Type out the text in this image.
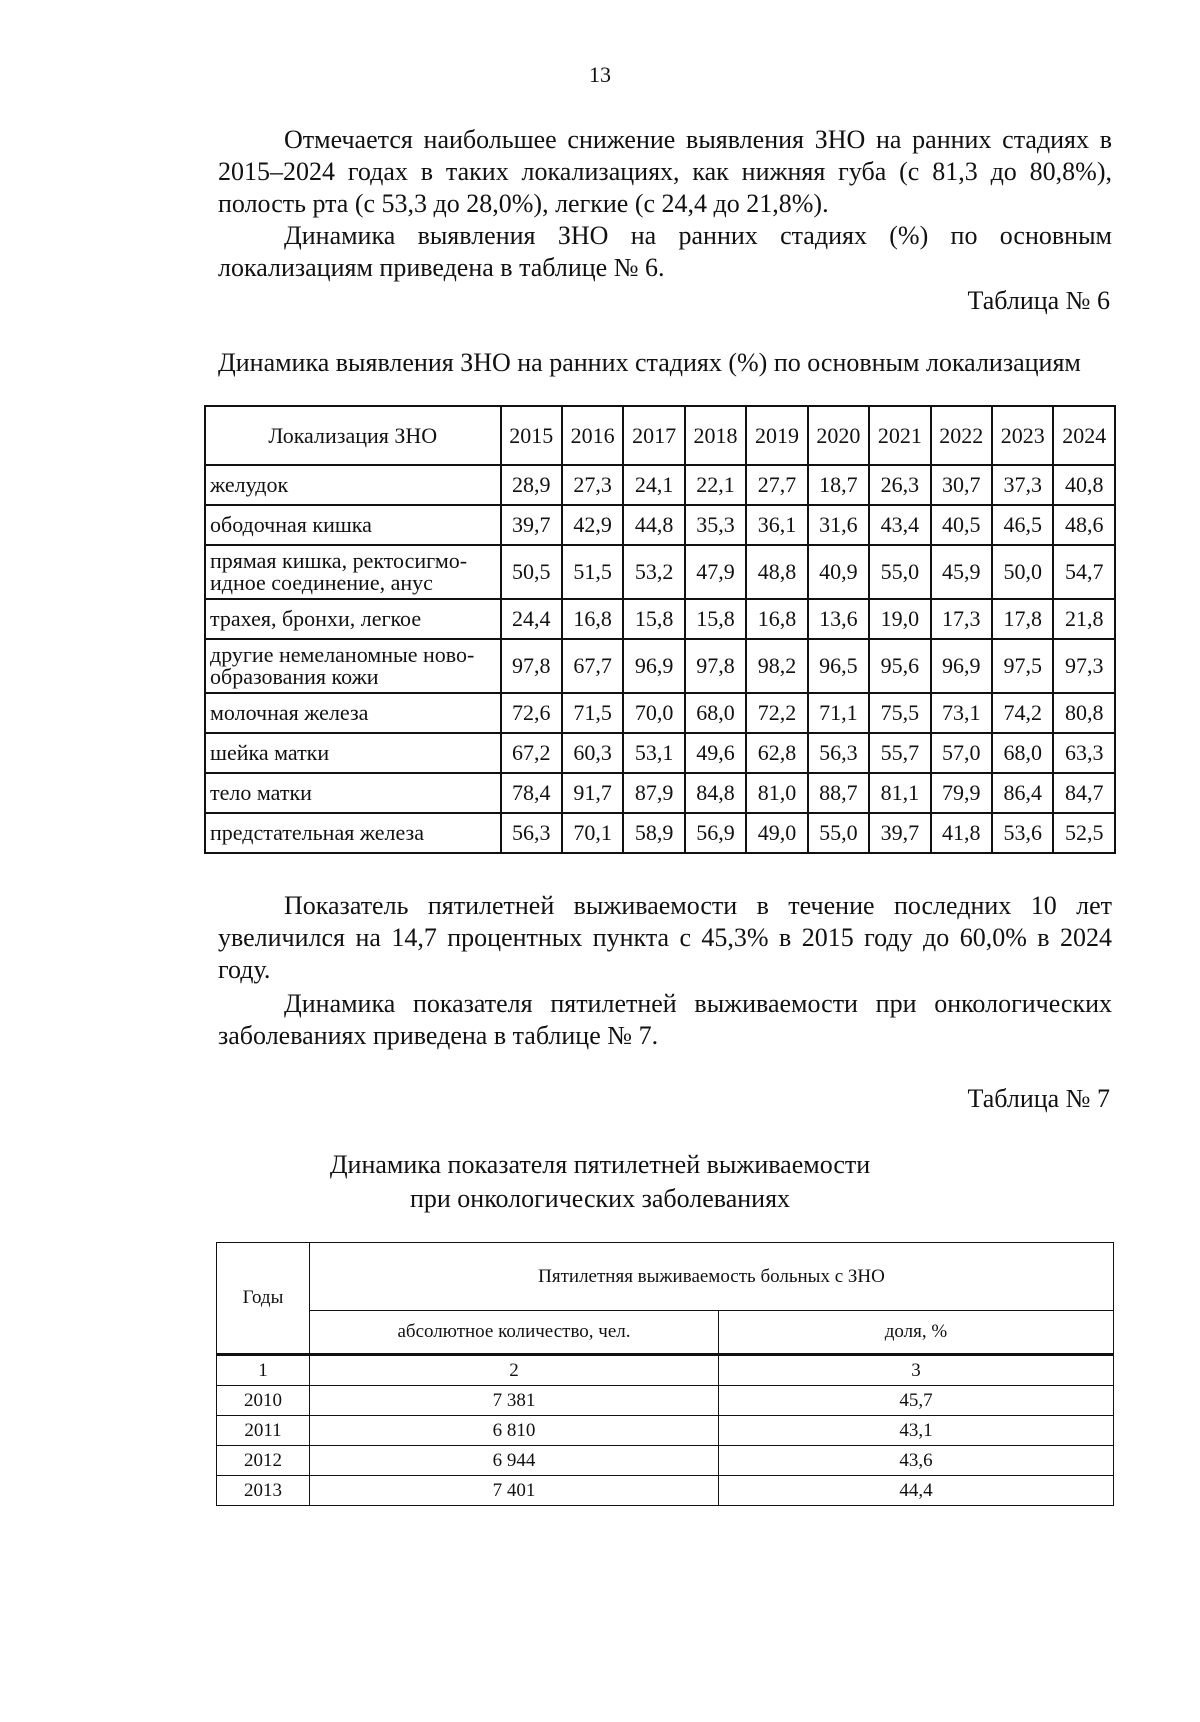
13

Отмечается наибольшее снижение выявления ЗНО на ранних стадиях в 2015–2024 годах в таких локализациях, как нижняя губа (с 81,3 до 80,8%), полость рта (с 53,3 до 28,0%), легкие (с 24,4 до 21,8%).

Динамика выявления ЗНО на ранних стадиях (%) по основным локализациям приведена в таблице № 6.

Таблица № 6
Динамика выявления ЗНО на ранних стадиях (%) по основным локализациям
Локализация ЗНО	2015	2016	2017	2018	2019	2020	2021	2022	2023	2024
желудок	28,9	27,3	24,1	22,1	27,7	18,7	26,3	30,7	37,3	40,8
ободочная кишка	39,7	42,9	44,8	35,3	36,1	31,6	43,4	40,5	46,5	48,6
прямая кишка, ректосигмо-идное соединение, анус	50,5	51,5	53,2	47,9	48,8	40,9	55,0	45,9	50,0	54,7
трахея, бронхи, легкое	24,4	16,8	15,8	15,8	16,8	13,6	19,0	17,3	17,8	21,8
другие немеланомные ново-образования кожи	97,8	67,7	96,9	97,8	98,2	96,5	95,6	96,9	97,5	97,3
молочная железа	72,6	71,5	70,0	68,0	72,2	71,1	75,5	73,1	74,2	80,8
шейка матки	67,2	60,3	53,1	49,6	62,8	56,3	55,7	57,0	68,0	63,3
тело матки	78,4	91,7	87,9	84,8	81,0	88,7	81,1	79,9	86,4	84,7
предстательная железа	56,3	70,1	58,9	56,9	49,0	55,0	39,7	41,8	53,6	52,5

Показатель пятилетней выживаемости в течение последних 10 лет увеличился на 14,7 процентных пункта с 45,3% в 2015 году до 60,0% в 2024 году.

Динамика показателя пятилетней выживаемости при онкологических заболеваниях приведена в таблице № 7.

Таблица № 7
Динамика показателя пятилетней выживаемости
при онкологических заболеваниях
Годы	Пятилетняя выживаемость больных с ЗНО	
	абсолютное количество, чел.	доля, %
1	2	3
2010	7 381	45,7
2011	6 810	43,1
2012	6 944	43,6
2013	7 401	44,4
